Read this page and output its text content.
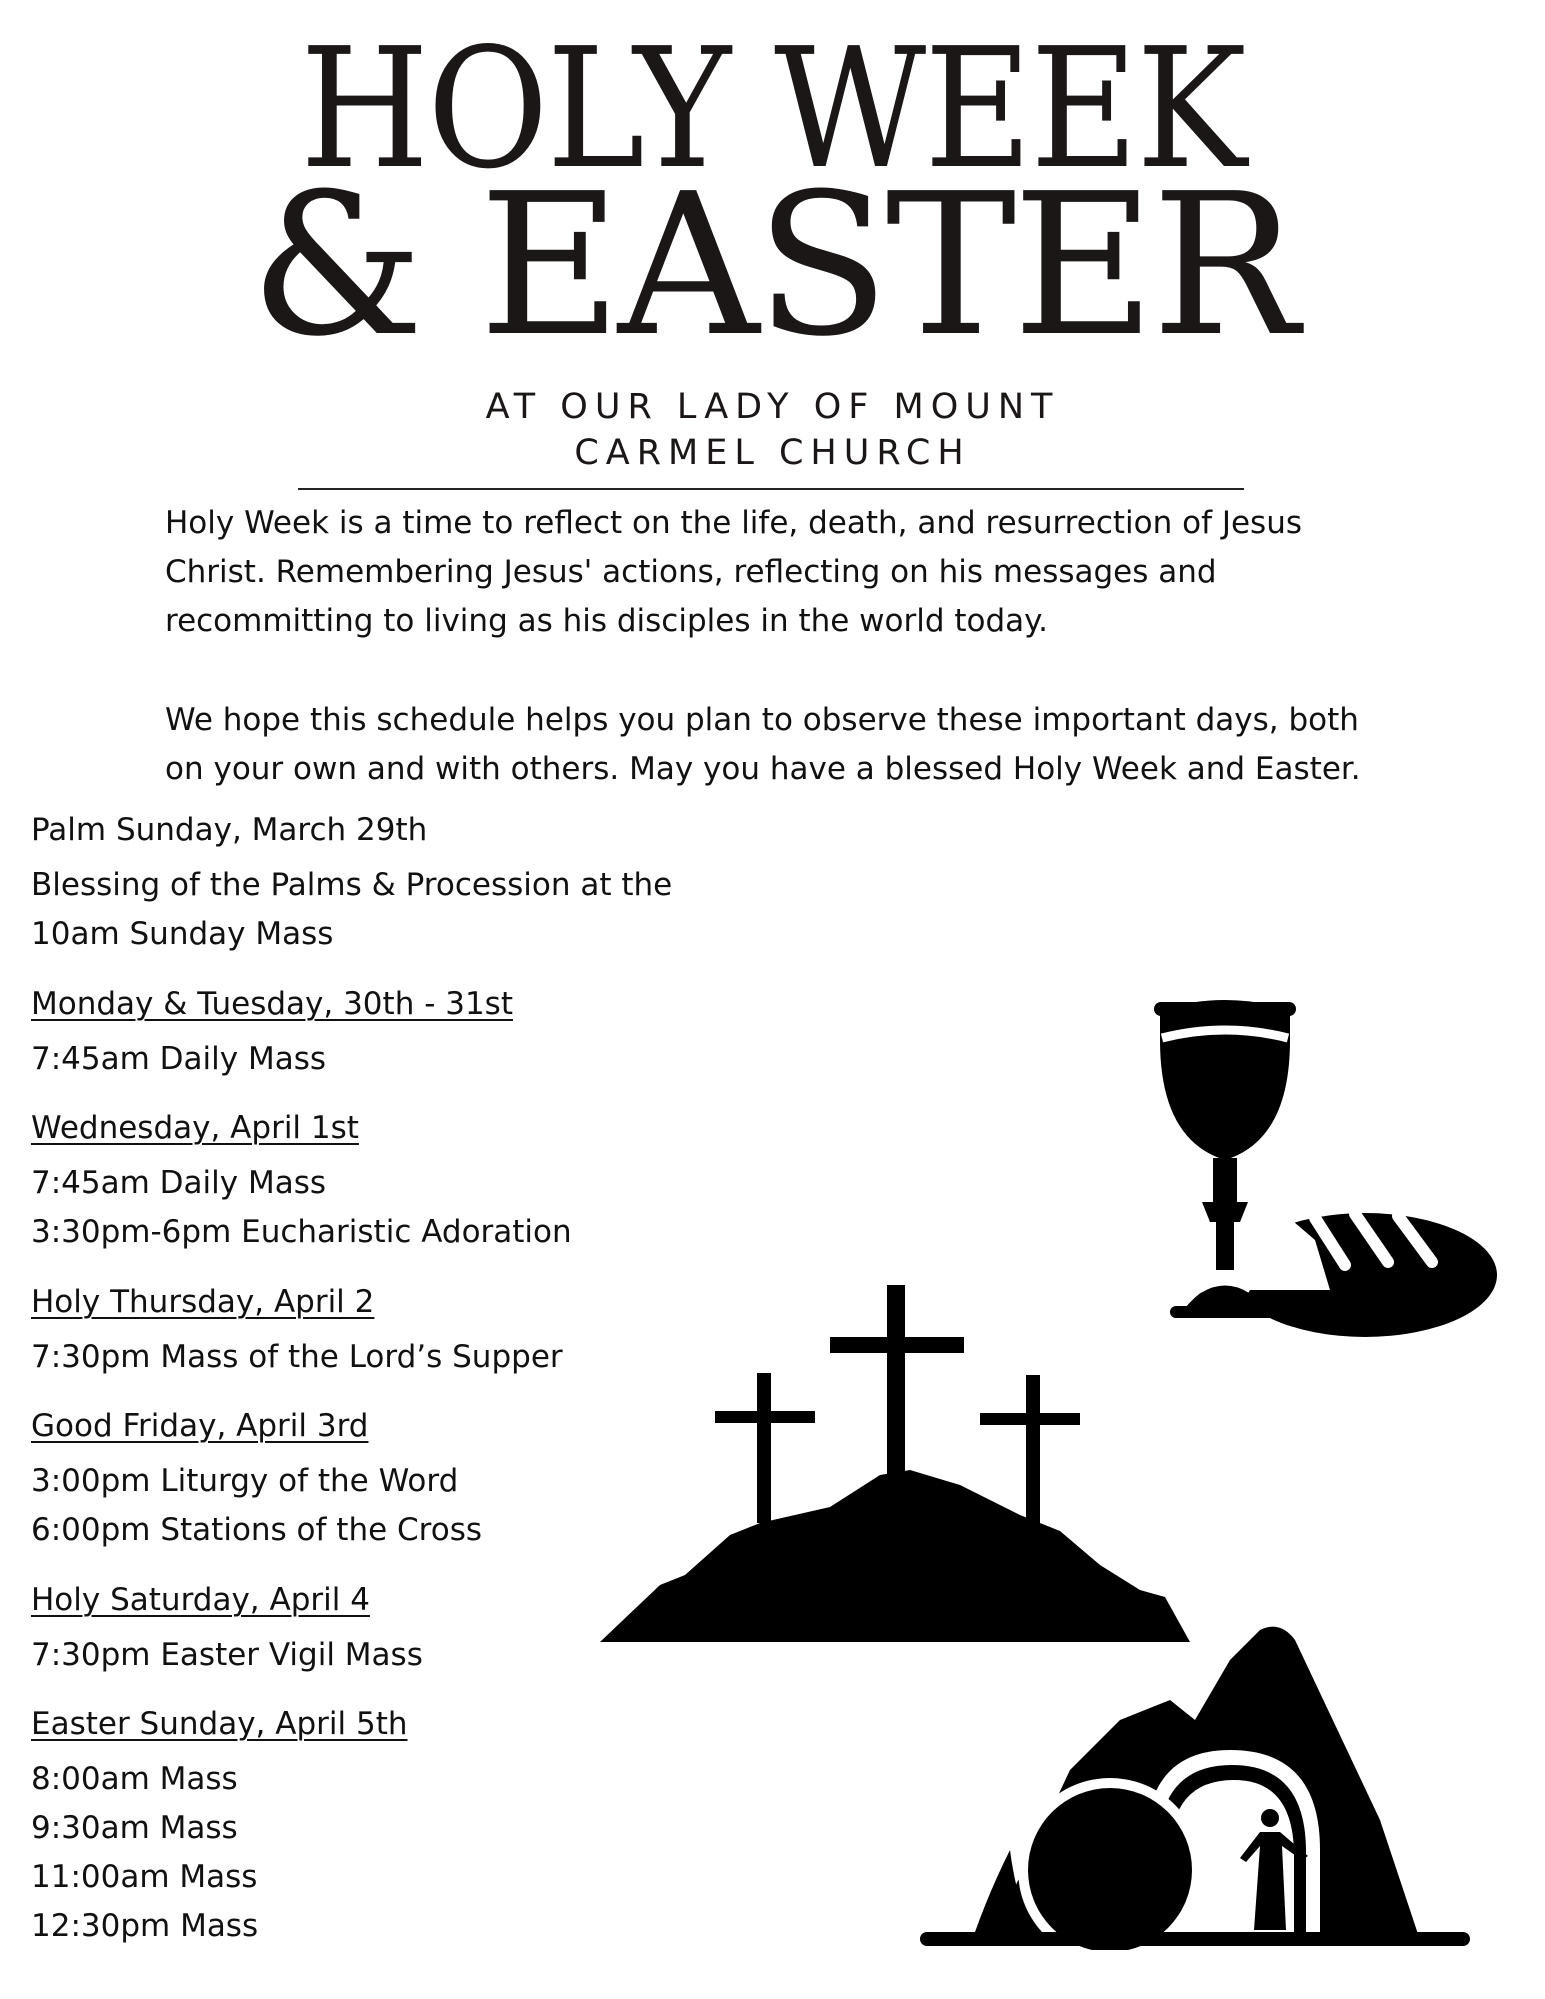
HOLY WEEK
& EASTER

AT OUR LADY OF MOUNT

CARMEL CHURCH

Holy Week is a time to reflect on the life, death, and resurrection of Jesus
Christ. Remembering Jesus' actions, reflecting on his messages and
recommitting to living as his disciples in the world today.
We hope this schedule helps you plan to observe these important days, both
on your own and with others. May you have a blessed Holy Week and Easter.
Palm Sunday, March 29th
Blessing of the Palms & Procession at the
10am Sunday Mass
Monday & Tuesday, 30th - 31st
7:45am Daily Mass
Wednesday, April 1st
7:45am Daily Mass
3:30pm-6pm Eucharistic Adoration
Holy Thursday, April 2
7:30pm Mass of the Lord’s Supper
Good Friday, April 3rd
3:00pm Liturgy of the Word
6:00pm Stations of the Cross
Holy Saturday, April 4
7:30pm Easter Vigil Mass
Easter Sunday, April 5th
8:00am Mass
9:30am Mass
11:00am Mass
12:30pm Mass
